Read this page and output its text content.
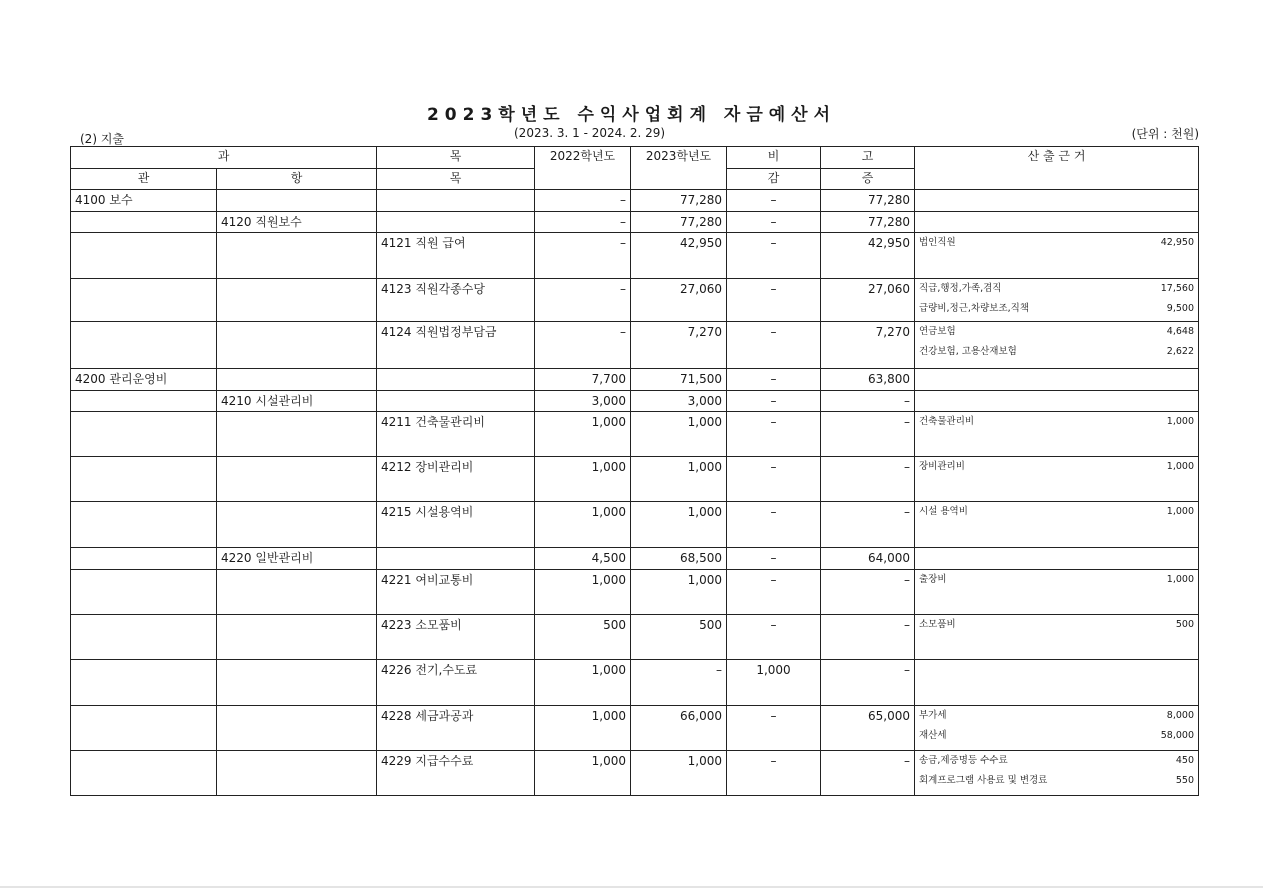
2023학년도 수익사업회계 자금예산서
(2023. 3. 1 - 2024. 2. 29)
(2) 지출	(단위 : 천원)
과		목	2022학년도	2023학년도	비	고	산 출 근 거
관	항	목			감	증	
4100 보수			–	77,280	–	77,280	
	4120 직원보수		–	77,280	–	77,280	
		4121 직원 급여	–	42,950	–	42,950	법인직원 42,950

		4123 직원각종수당	–	27,060	–	27,060	직급,행정,가족,겸직 17,560
급량비,정근,차량보조,직책 9,500

		4124 직원법정부담금	–	7,270	–	7,270	연금보험 4,648
건강보험, 고용산재보험 2,622

4200 관리운영비			7,700	71,500	–	63,800	
	4210 시설관리비		3,000	3,000	–	–	
		4211 건축물관리비	1,000	1,000	–	–	건축물관리비 1,000

		4212 장비관리비	1,000	1,000	–	–	장비관리비 1,000

		4215 시설용역비	1,000	1,000	–	–	시설 용역비 1,000

	4220 일반관리비		4,500	68,500	–	64,000	
		4221 여비교통비	1,000	1,000	–	–	출장비 1,000

		4223 소모품비	500	500	–	–	소모품비 500

		4226 전기,수도료	1,000	–	1,000	–	
		4228 세금과공과	1,000	66,000	–	65,000	부가세 8,000
재산세 58,000

		4229 지급수수료	1,000	1,000	–	–	송금,제증명등 수수료 450
회계프로그램 사용료 및 변경료 550
